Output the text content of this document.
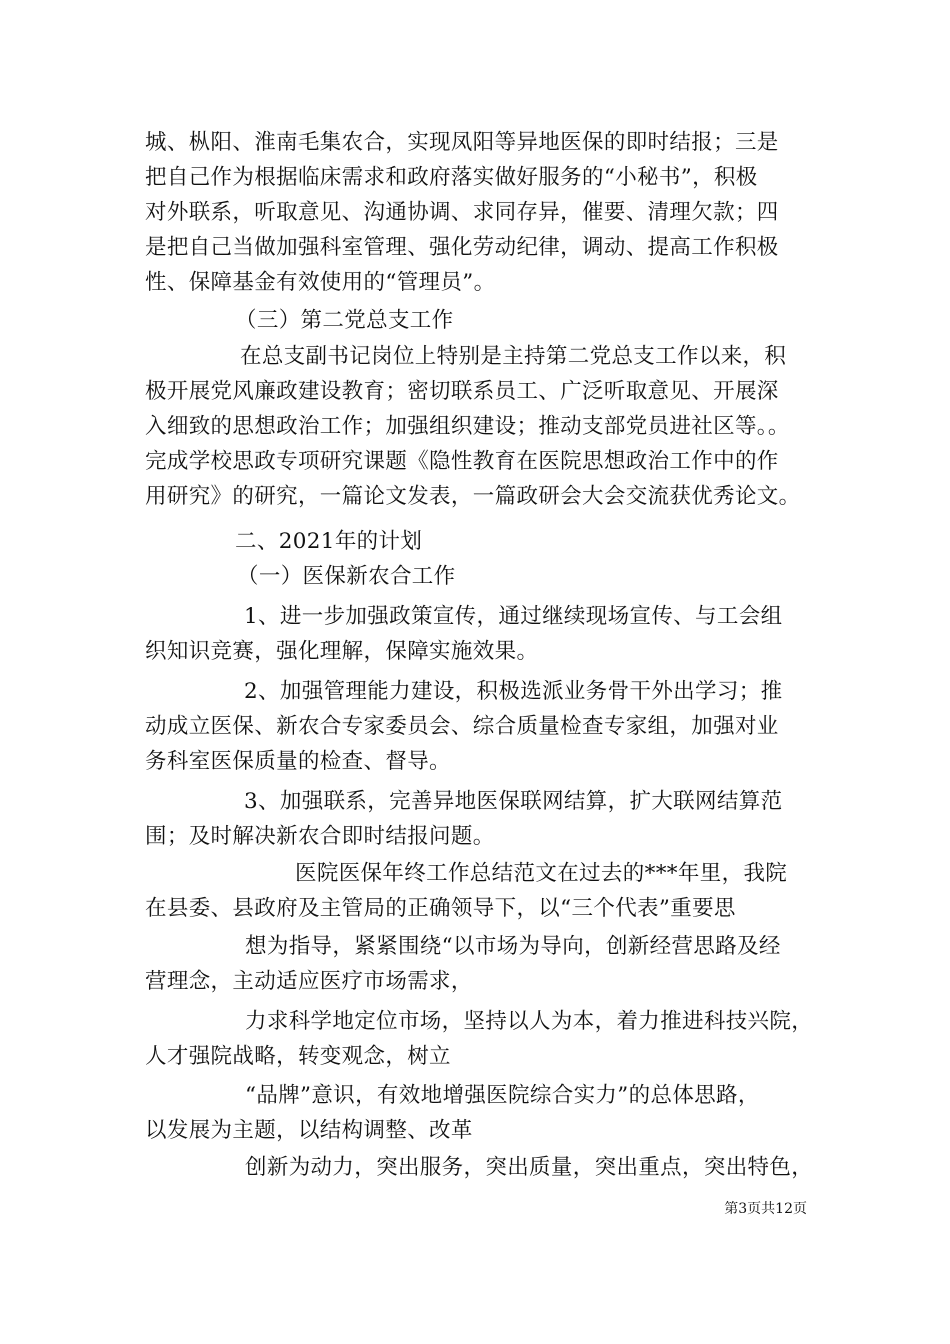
城、枞阳、淮南毛集农合，实现凤阳等异地医保的即时结报；三是
把自己作为根据临床需求和政府落实做好服务的“小秘书”，积极
对外联系，听取意见、沟通协调、求同存异，催要、清理欠款；四
是把自己当做加强科室管理、强化劳动纪律，调动、提高工作积极
性、保障基金有效使用的“管理员”。
（三）第二党总支工作
在总支副书记岗位上特别是主持第二党总支工作以来，积
极开展党风廉政建设教育；密切联系员工、广泛听取意见、开展深
入细致的思想政治工作；加强组织建设；推动支部党员进社区等。。
完成学校思政专项研究课题《隐性教育在医院思想政治工作中的作
用研究》的研究，一篇论文发表，一篇政研会大会交流获优秀论文。
二、2021年的计划
（一）医保新农合工作
1、进一步加强政策宣传，通过继续现场宣传、与工会组
织知识竞赛，强化理解，保障实施效果。
2、加强管理能力建设，积极选派业务骨干外出学习；推
动成立医保、新农合专家委员会、综合质量检查专家组，加强对业
务科室医保质量的检查、督导。
3、加强联系，完善异地医保联网结算，扩大联网结算范
围；及时解决新农合即时结报问题。
医院医保年终工作总结范文在过去的***年里，我院
在县委、县政府及主管局的正确领导下，以“三个代表”重要思
想为指导，紧紧围绕“以市场为导向，创新经营思路及经
营理念，主动适应医疗市场需求，
力求科学地定位市场，坚持以人为本，着力推进科技兴院，
人才强院战略，转变观念，树立
“品牌”意识，有效地增强医院综合实力”的总体思路，
以发展为主题，以结构调整、改革
创新为动力，突出服务，突出质量，突出重点，突出特色，
第3页共12页
